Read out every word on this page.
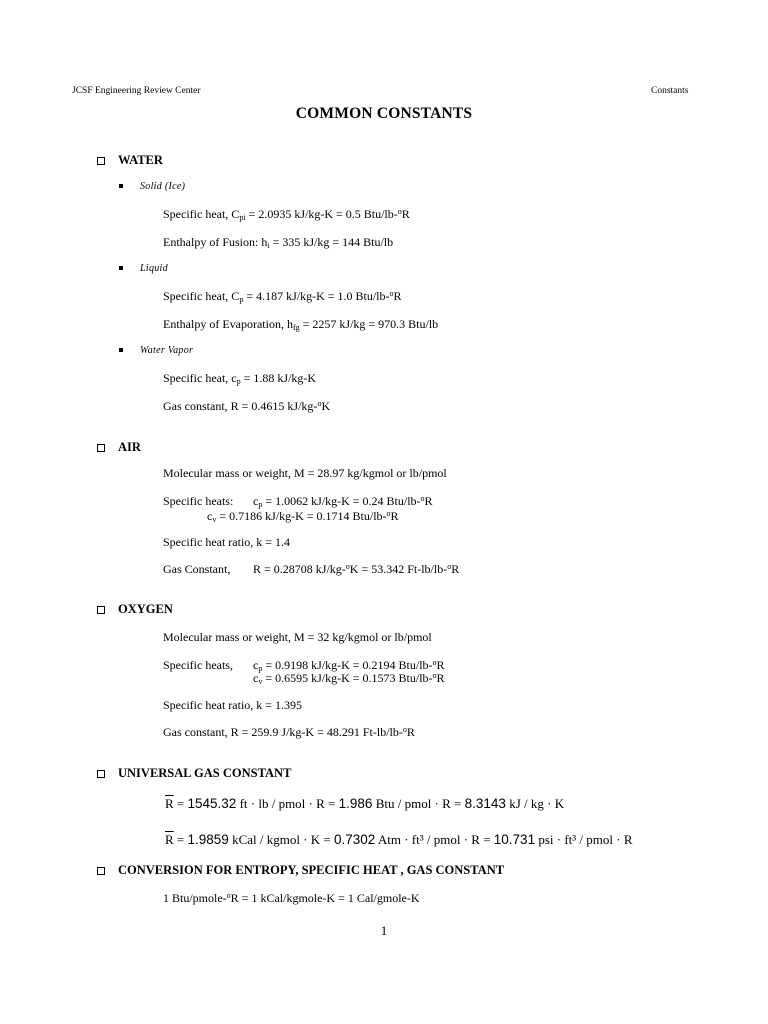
JCSF Engineering Review Center	Constants
COMMON CONSTANTS
WATER
Solid (Ice)
Specific heat, $C_{pi} = 2.0935$ kJ/kg-K = 0.5 Btu/lb-$^o$R
Enthalpy of Fusion: $h_i = 335$ kJ/kg = 144 Btu/lb
Liquid
Specific heat, $C_p = 4.187$ kJ/kg-K = 1.0 Btu/lb-$^o$R
Enthalpy of Evaporation, $h_{fg} = 2257$ kJ/kg = 970.3 Btu/lb
Water Vapor
Specific heat, $c_p = 1.88$ kJ/kg-K
Gas constant, R = 0.4615 kJ/kg-$^o$K
AIR
Molecular mass or weight, M = 28.97 kg/kgmol or lb/pmol
Specific heats: $c_p = 1.0062$ kJ/kg-K = 0.24 Btu/lb-$^o$R
$c_v = 0.7186$ kJ/kg-K = 0.1714 Btu/lb-$^o$R
Specific heat ratio, k = 1.4
Gas Constant, R = 0.28708 kJ/kg-$^o$K = 53.342 Ft-lb/lb-$^o$R
OXYGEN
Molecular mass or weight, M = 32 kg/kgmol or lb/pmol
Specific heats, $c_p = 0.9198$ kJ/kg-K = 0.2194 Btu/lb-$^o$R
$c_v = 0.6595$ kJ/kg-K = 0.1573 Btu/lb-$^o$R
Specific heat ratio, k = 1.395
Gas constant, R = 259.9 J/kg-K = 48.291 Ft-lb/lb-$^o$R
UNIVERSAL GAS CONSTANT
$\overline{R} = 1545.32$ ft · lb / pmol · R = 1.986 Btu / pmol · R = 8.3143 kJ / kg · K
$\overline{R} = 1.9859$ kCal / kgmol · K = 0.7302 Atm · ft³ / pmol · R = 10.731 psi · ft³ / pmol · R
CONVERSION FOR ENTROPY, SPECIFIC HEAT , GAS CONSTANT
1 Btu/pmole-$^o$R = 1 kCal/kgmole-K = 1 Cal/gmole-K
1
